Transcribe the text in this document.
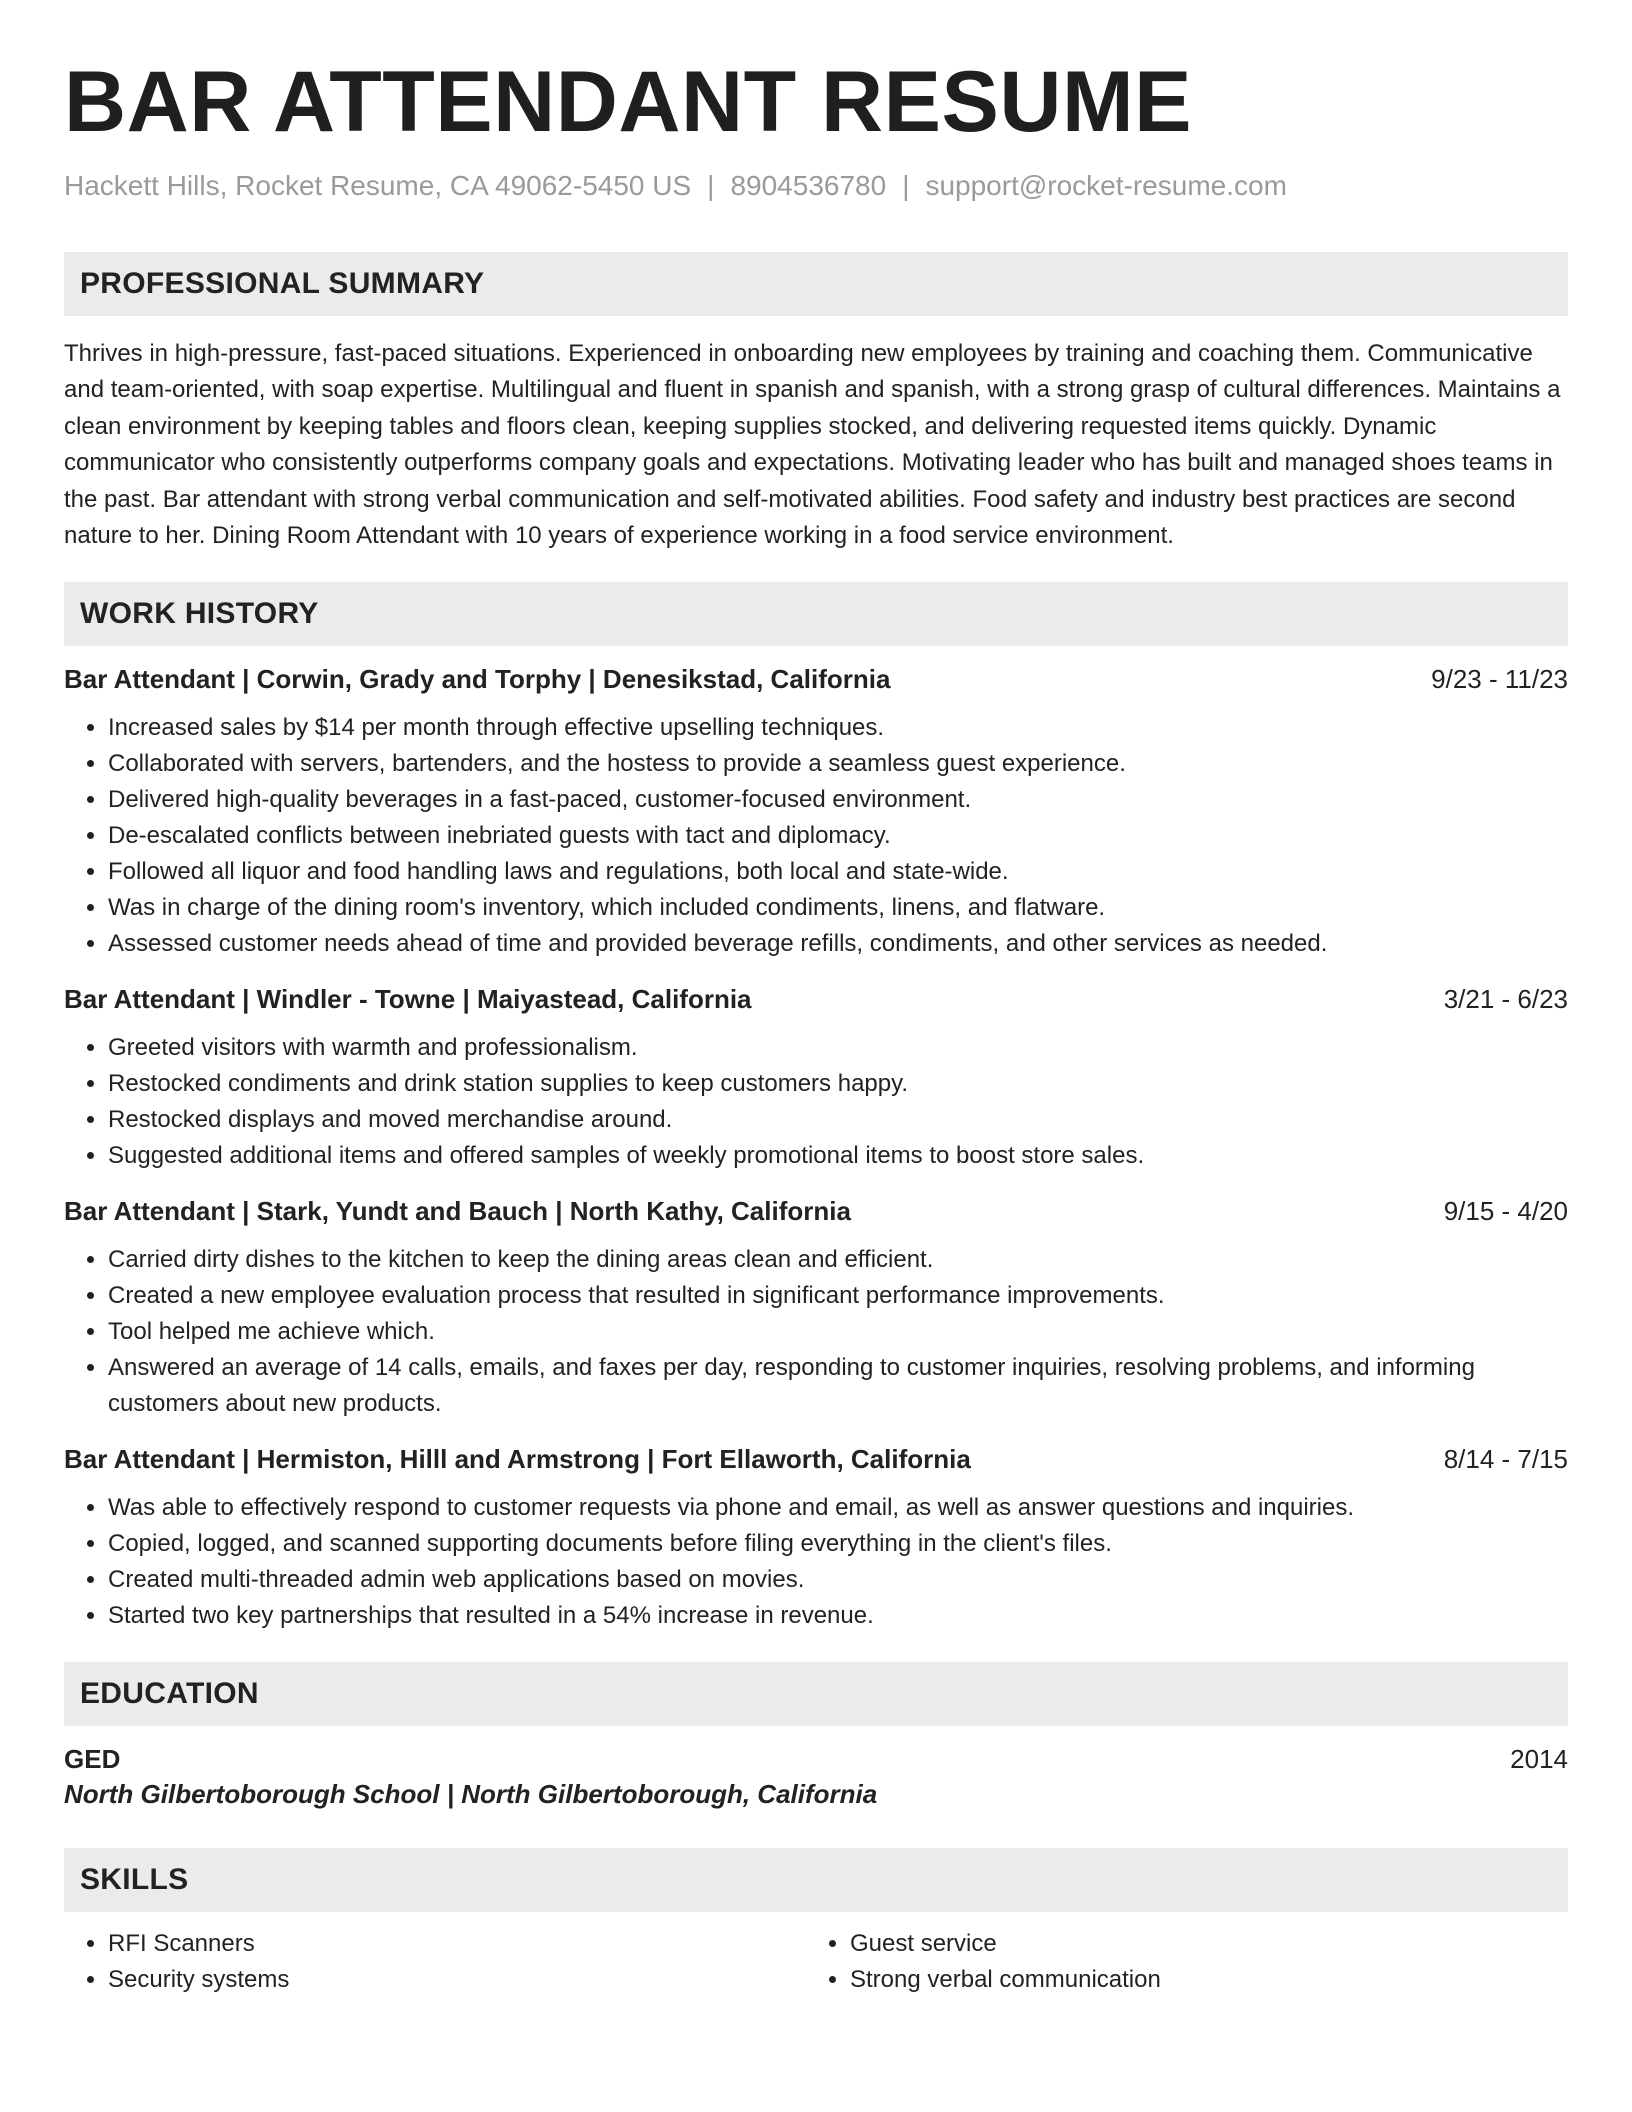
BAR ATTENDANT RESUME
Hackett Hills, Rocket Resume, CA 49062-5450 US | 8904536780 | support@rocket-resume.com
PROFESSIONAL SUMMARY

Thrives in high-pressure, fast-paced situations. Experienced in onboarding new employees by training and coaching them. Communicative and team-oriented, with soap expertise. Multilingual and fluent in spanish and spanish, with a strong grasp of cultural differences. Maintains a clean environment by keeping tables and floors clean, keeping supplies stocked, and delivering requested items quickly. Dynamic communicator who consistently outperforms company goals and expectations. Motivating leader who has built and managed shoes teams in the past. Bar attendant with strong verbal communication and self-motivated abilities. Food safety and industry best practices are second nature to her. Dining Room Attendant with 10 years of experience working in a food service environment.

WORK HISTORY
Bar Attendant | Corwin, Grady and Torphy | Denesikstad, California	9/23 - 11/23
• Increased sales by $14 per month through effective upselling techniques.
• Collaborated with servers, bartenders, and the hostess to provide a seamless guest experience.
• Delivered high-quality beverages in a fast-paced, customer-focused environment.
• De-escalated conflicts between inebriated guests with tact and diplomacy.
• Followed all liquor and food handling laws and regulations, both local and state-wide.
• Was in charge of the dining room's inventory, which included condiments, linens, and flatware.
• Assessed customer needs ahead of time and provided beverage refills, condiments, and other services as needed.
Bar Attendant | Windler - Towne | Maiyastead, California	3/21 - 6/23
• Greeted visitors with warmth and professionalism.
• Restocked condiments and drink station supplies to keep customers happy.
• Restocked displays and moved merchandise around.
• Suggested additional items and offered samples of weekly promotional items to boost store sales.
Bar Attendant | Stark, Yundt and Bauch | North Kathy, California	9/15 - 4/20
• Carried dirty dishes to the kitchen to keep the dining areas clean and efficient.
• Created a new employee evaluation process that resulted in significant performance improvements.
• Tool helped me achieve which.
• Answered an average of 14 calls, emails, and faxes per day, responding to customer inquiries, resolving problems, and informing customers about new products.
Bar Attendant | Hermiston, Hilll and Armstrong | Fort Ellaworth, California	8/14 - 7/15
• Was able to effectively respond to customer requests via phone and email, as well as answer questions and inquiries.
• Copied, logged, and scanned supporting documents before filing everything in the client's files.
• Created multi-threaded admin web applications based on movies.
• Started two key partnerships that resulted in a 54% increase in revenue.
EDUCATION
GED	2014
North Gilbertoborough School | North Gilbertoborough, California
SKILLS
• RFI Scanners
• Security systems
• Guest service
• Strong verbal communication
